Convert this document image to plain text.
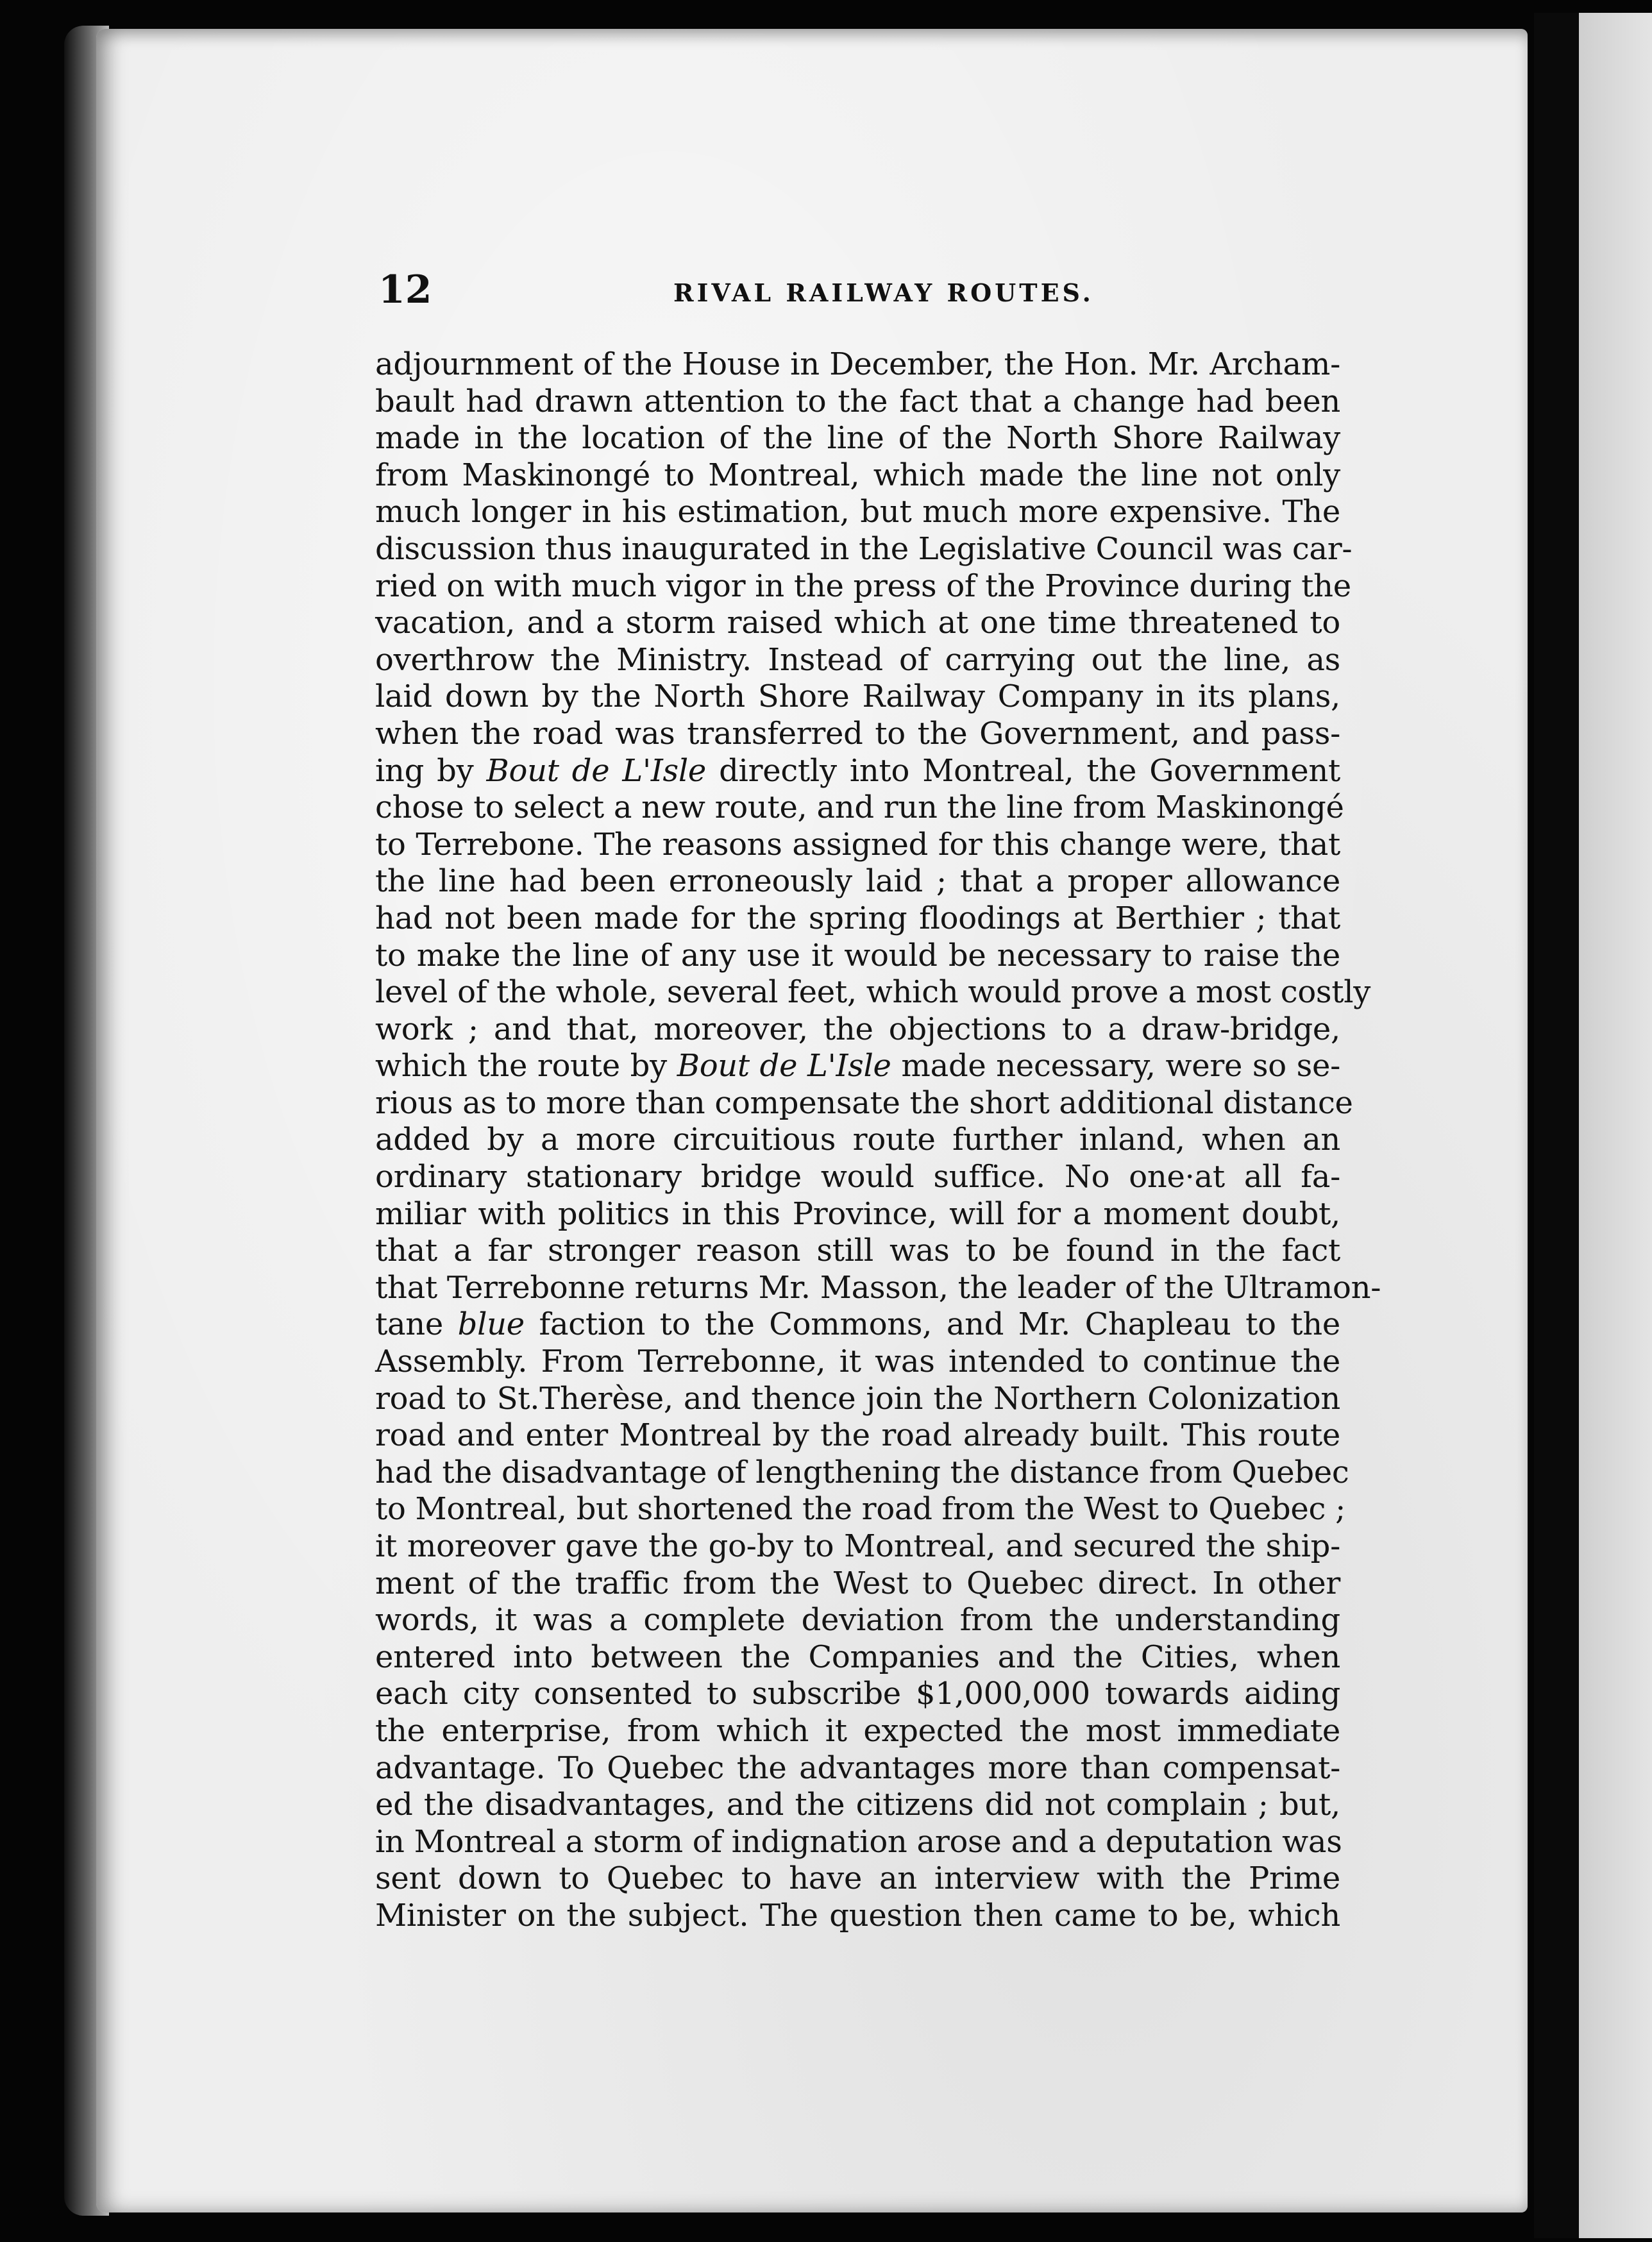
12	RIVAL RAILWAY ROUTES.
adjournment of the House in December, the Hon. Mr. Archam-
bault had drawn attention to the fact that a change had been
made in the location of the line of the North Shore Railway
from Maskinongé to Montreal, which made the line not only
much longer in his estimation, but much more expensive. The
discussion thus inaugurated in the Legislative Council was car-
ried on with much vigor in the press of the Province during the
vacation, and a storm raised which at one time threatened to
overthrow the Ministry. Instead of carrying out the line, as
laid down by the North Shore Railway Company in its plans,
when the road was transferred to the Government, and pass-
ing by Bout de L'Isle directly into Montreal, the Government
chose to select a new route, and run the line from Maskinongé
to Terrebone. The reasons assigned for this change were, that
the line had been erroneously laid ; that a proper allowance
had not been made for the spring floodings at Berthier ; that
to make the line of any use it would be necessary to raise the
level of the whole, several feet, which would prove a most costly
work ; and that, moreover, the objections to a draw-bridge,
which the route by Bout de L'Isle made necessary, were so se-
rious as to more than compensate the short additional distance
added by a more circuitious route further inland, when an
ordinary stationary bridge would suffice. No one·at all fa-
miliar with politics in this Province, will for a moment doubt,
that a far stronger reason still was to be found in the fact
that Terrebonne returns Mr. Masson, the leader of the Ultramon-
tane blue faction to the Commons, and Mr. Chapleau to the
Assembly. From Terrebonne, it was intended to continue the
road to St.Therèse, and thence join the Northern Colonization
road and enter Montreal by the road already built. This route
had the disadvantage of lengthening the distance from Quebec
to Montreal, but shortened the road from the West to Quebec ;
it moreover gave the go-by to Montreal, and secured the ship-
ment of the traffic from the West to Quebec direct. In other
words, it was a complete deviation from the understanding
entered into between the Companies and the Cities, when
each city consented to subscribe $1,000,000 towards aiding
the enterprise, from which it expected the most immediate
advantage. To Quebec the advantages more than compensat-
ed the disadvantages, and the citizens did not complain ; but,
in Montreal a storm of indignation arose and a deputation was
sent down to Quebec to have an interview with the Prime
Minister on the subject. The question then came to be, which
